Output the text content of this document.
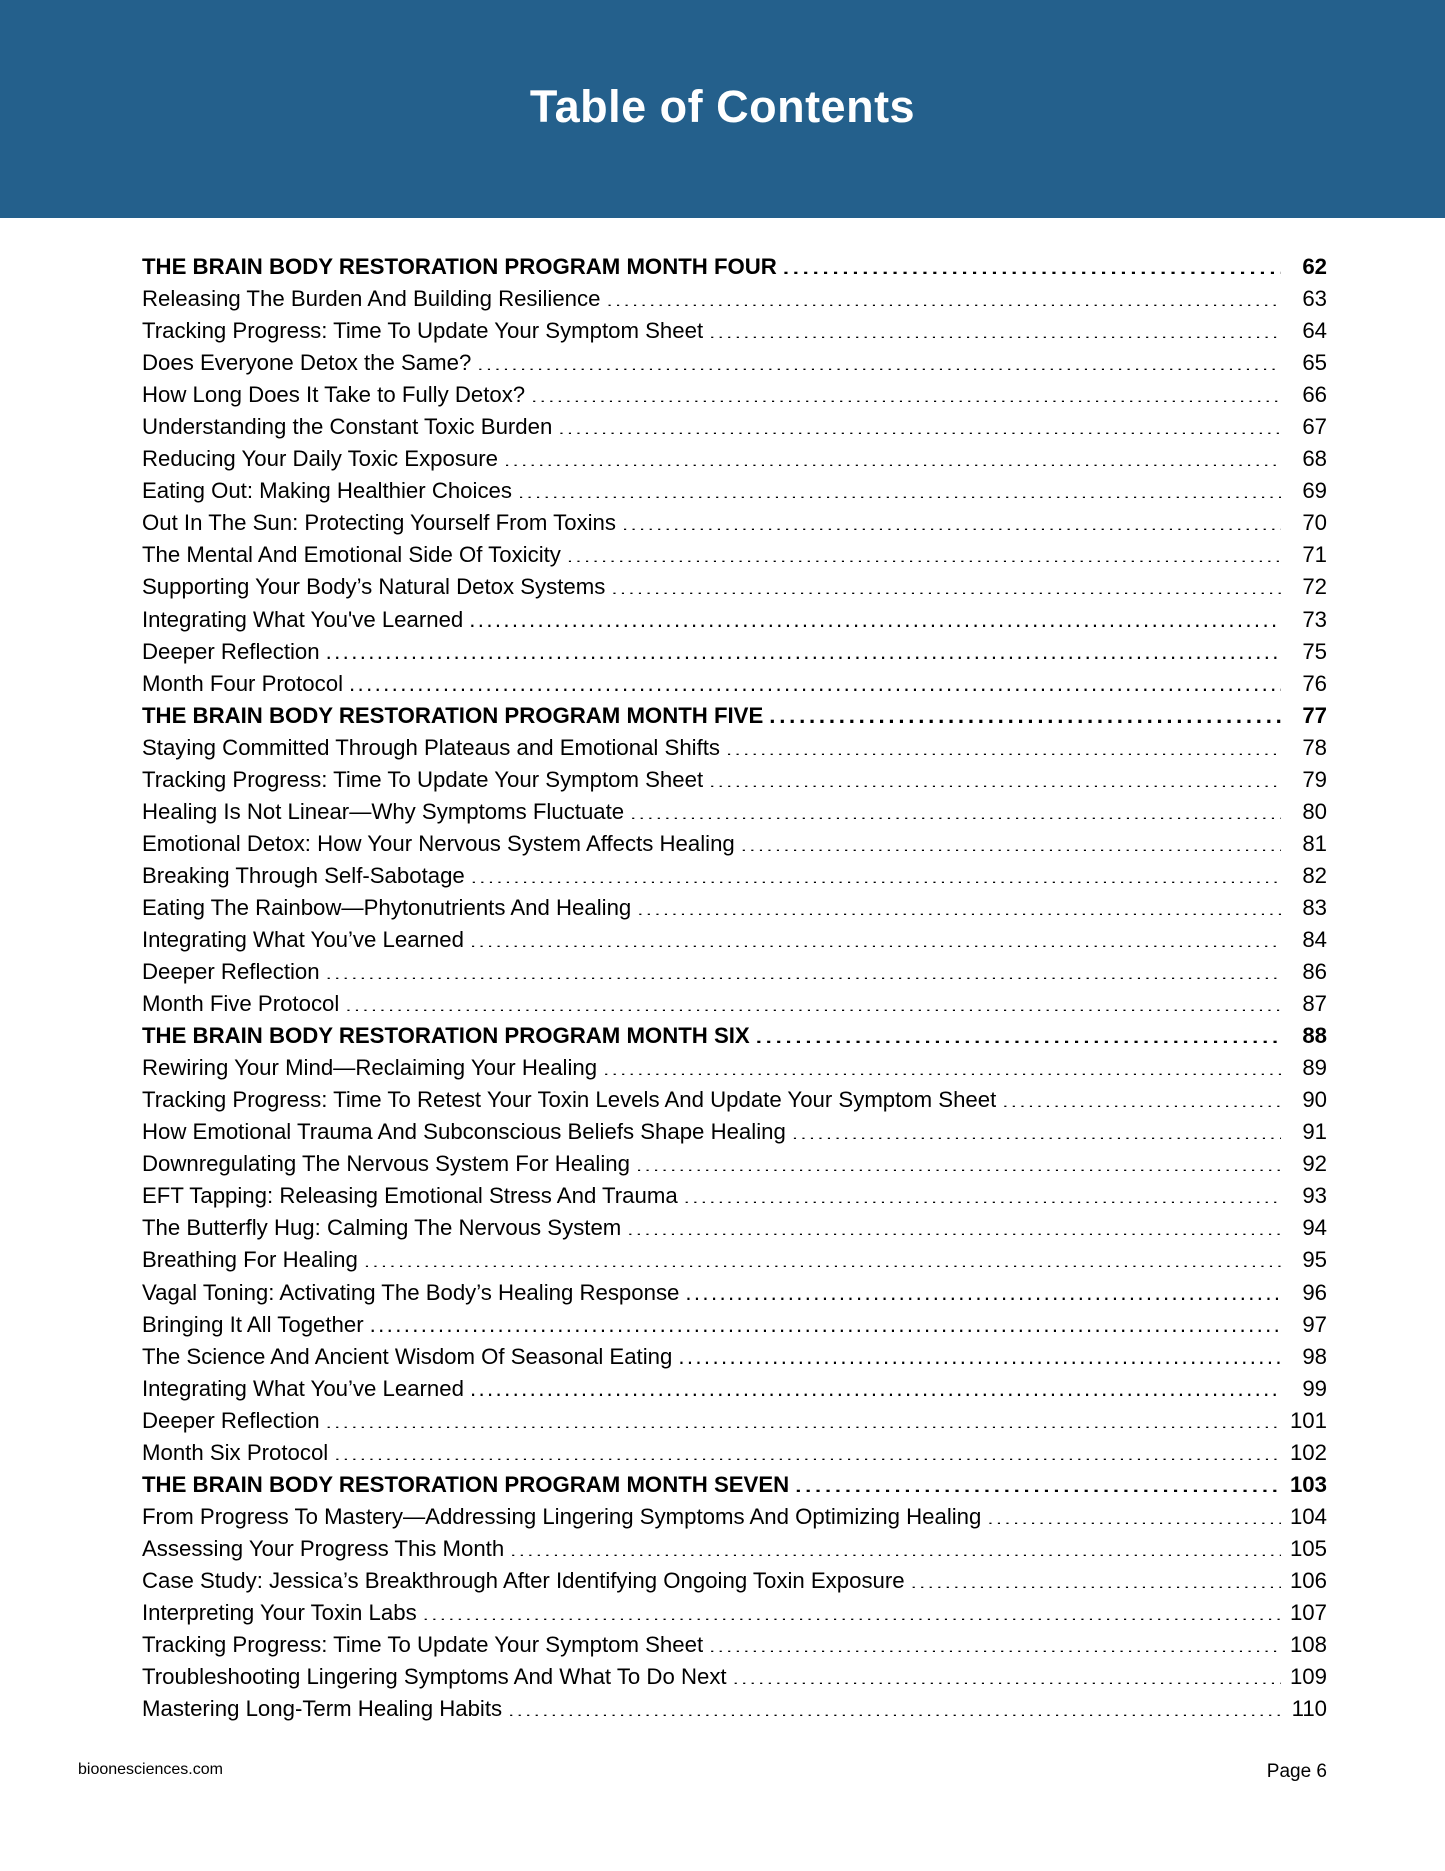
Table of Contents
THE BRAIN BODY RESTORATION PROGRAM MONTH FOUR . . .	62
Releasing The Burden And Building Resilience . . .	63
Tracking Progress: Time To Update Your Symptom Sheet . . .	64
Does Everyone Detox the Same? . . .	65
How Long Does It Take to Fully Detox? . . .	66
Understanding the Constant Toxic Burden . . .	67
Reducing Your Daily Toxic Exposure . . .	68
Eating Out: Making Healthier Choices . . .	69
Out In The Sun: Protecting Yourself From Toxins . . .	70
The Mental And Emotional Side Of Toxicity . . .	71
Supporting Your Body’s Natural Detox Systems . . .	72
Integrating What You've Learned . . .	73
Deeper Reflection . . .	75
Month Four Protocol . . .	76
THE BRAIN BODY RESTORATION PROGRAM MONTH FIVE . . .	77
Staying Committed Through Plateaus and Emotional Shifts . . .	78
Tracking Progress: Time To Update Your Symptom Sheet . . .	79
Healing Is Not Linear—Why Symptoms Fluctuate . . .	80
Emotional Detox: How Your Nervous System Affects Healing . . .	81
Breaking Through Self-Sabotage . . .	82
Eating The Rainbow—Phytonutrients And Healing . . .	83
Integrating What You’ve Learned . . .	84
Deeper Reflection . . .	86
Month Five Protocol . . .	87
THE BRAIN BODY RESTORATION PROGRAM MONTH SIX . . .	88
Rewiring Your Mind—Reclaiming Your Healing . . .	89
Tracking Progress: Time To Retest Your Toxin Levels And Update Your Symptom Sheet . . .	90
How Emotional Trauma And Subconscious Beliefs Shape Healing . . .	91
Downregulating The Nervous System For Healing . . .	92
EFT Tapping: Releasing Emotional Stress And Trauma . . .	93
The Butterfly Hug: Calming The Nervous System . . .	94
Breathing For Healing . . .	95
Vagal Toning: Activating The Body’s Healing Response . . .	96
Bringing It All Together . . .	97
The Science And Ancient Wisdom Of Seasonal Eating . . .	98
Integrating What You’ve Learned . . .	99
Deeper Reflection . . .	101
Month Six Protocol . . .	102
THE BRAIN BODY RESTORATION PROGRAM MONTH SEVEN . . .	103
From Progress To Mastery—Addressing Lingering Symptoms And Optimizing Healing . . .	104
Assessing Your Progress This Month . . .	105
Case Study: Jessica’s Breakthrough After Identifying Ongoing Toxin Exposure . . .	106
Interpreting Your Toxin Labs . . .	107
Tracking Progress: Time To Update Your Symptom Sheet . . .	108
Troubleshooting Lingering Symptoms And What To Do Next . . .	109
Mastering Long-Term Healing Habits . . .	110
bioonesciences.com	Page 6
